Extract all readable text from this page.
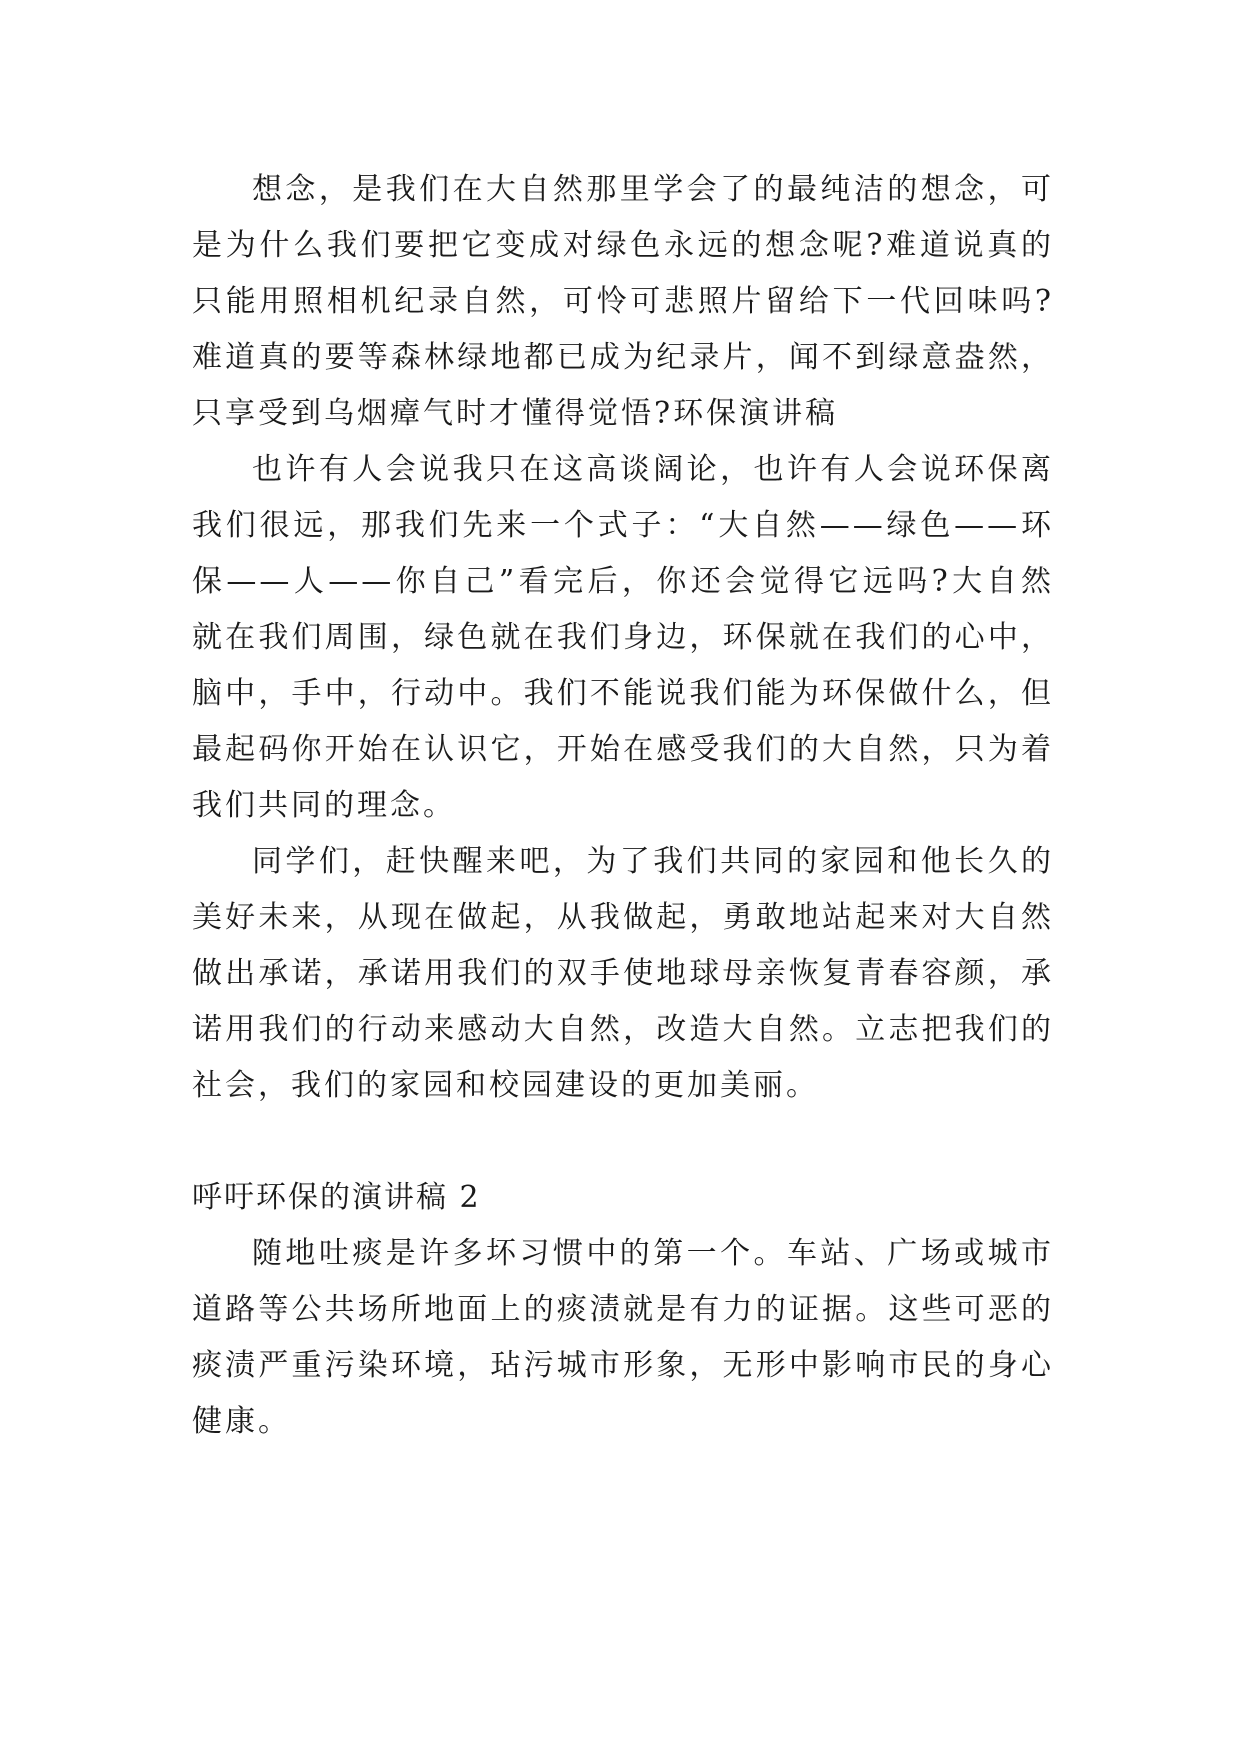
想念，是我们在大自然那里学会了的最纯洁的想念，可是为什么我们要把它变成对绿色永远的想念呢?难道说真的只能用照相机纪录自然，可怜可悲照片留给下一代回味吗?难道真的要等森林绿地都已成为纪录片，闻不到绿意盎然，只享受到乌烟瘴气时才懂得觉悟?环保演讲稿

也许有人会说我只在这高谈阔论，也许有人会说环保离我们很远，那我们先来一个式子：“大自然——绿色——环保——人——你自己”看完后，你还会觉得它远吗?大自然就在我们周围，绿色就在我们身边，环保就在我们的心中，脑中，手中，行动中。我们不能说我们能为环保做什么，但最起码你开始在认识它，开始在感受我们的大自然，只为着我们共同的理念。

同学们，赶快醒来吧，为了我们共同的家园和他长久的美好未来，从现在做起，从我做起，勇敢地站起来对大自然做出承诺，承诺用我们的双手使地球母亲恢复青春容颜，承诺用我们的行动来感动大自然，改造大自然。立志把我们的社会，我们的家园和校园建设的更加美丽。

呼吁环保的演讲稿 2

随地吐痰是许多坏习惯中的第一个。车站、广场或城市道路等公共场所地面上的痰渍就是有力的证据。这些可恶的痰渍严重污染环境，玷污城市形象，无形中影响市民的身心健康。
